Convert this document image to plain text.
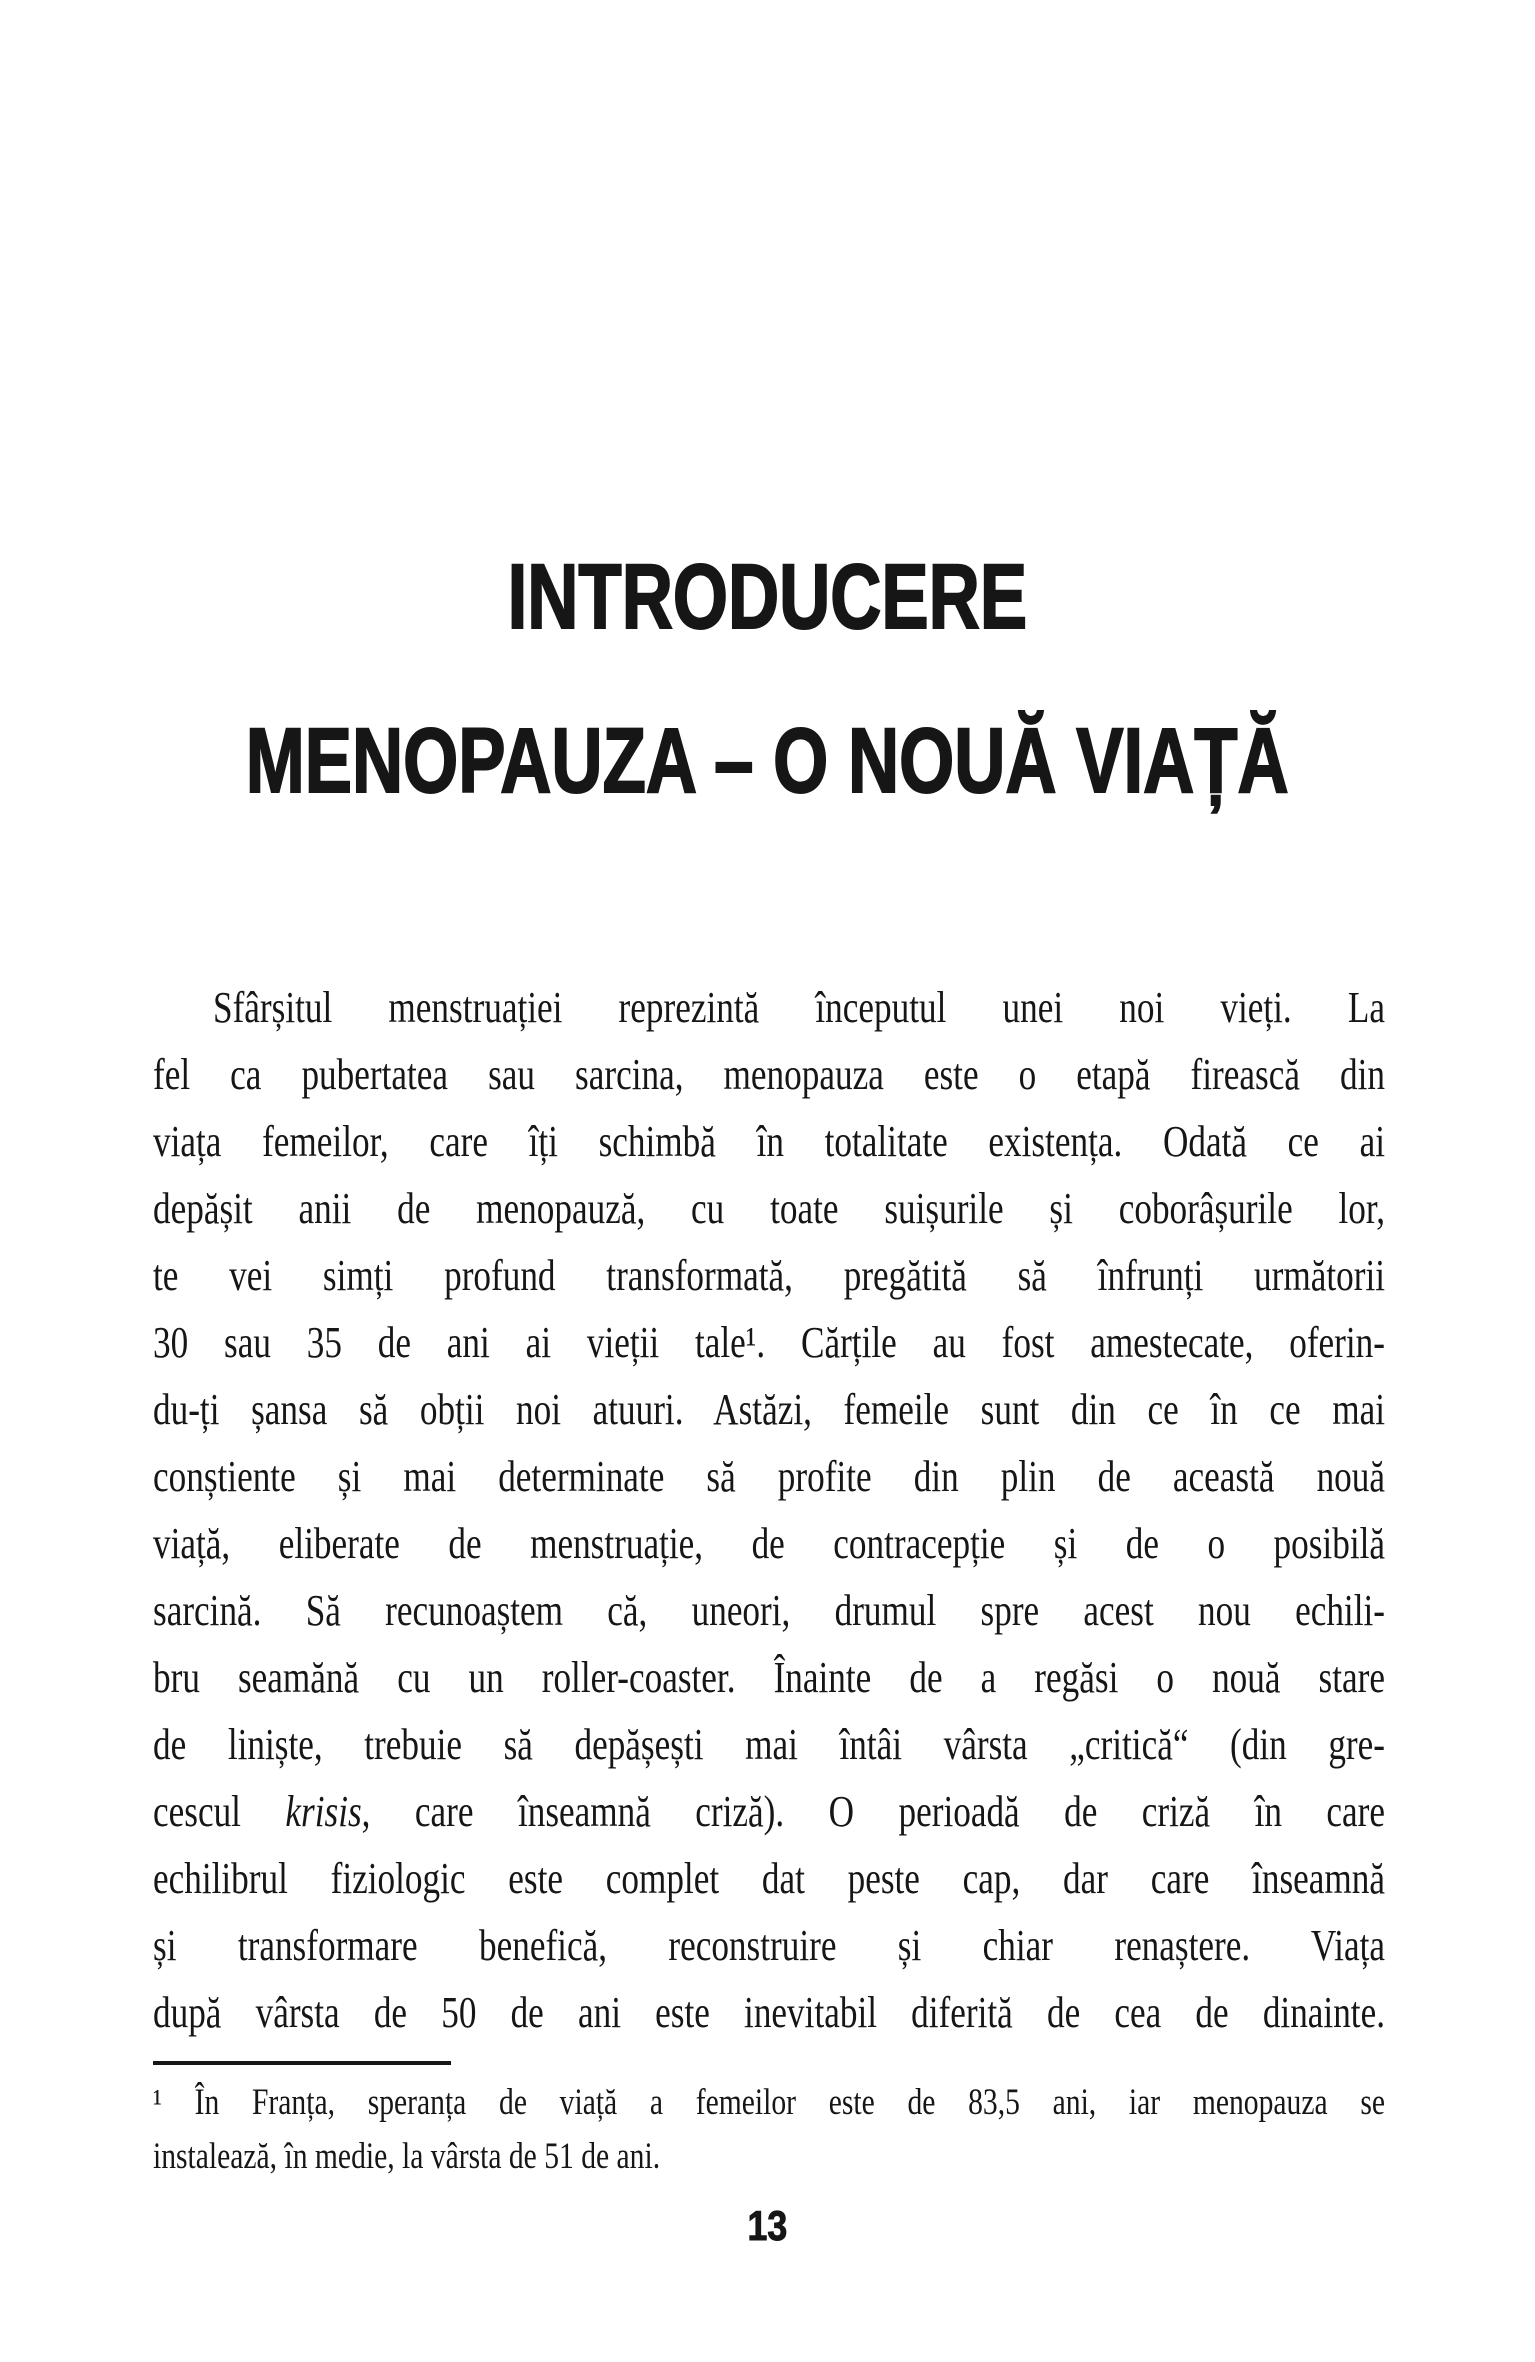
INTRODUCERE
MENOPAUZA – O NOUĂ VIAȚĂ
Sfârșitul menstruației reprezintă începutul unei noi vieți. La
fel ca pubertatea sau sarcina, menopauza este o etapă firească din
viața femeilor, care îți schimbă în totalitate existența. Odată ce ai
depășit anii de menopauză, cu toate suișurile și coborâșurile lor,
te vei simți profund transformată, pregătită să înfrunți următorii
30 sau 35 de ani ai vieții tale¹. Cărțile au fost amestecate, oferin-
du-ți șansa să obții noi atuuri. Astăzi, femeile sunt din ce în ce mai
conștiente și mai determinate să profite din plin de această nouă
viață, eliberate de menstruație, de contracepție și de o posibilă
sarcină. Să recunoaștem că, uneori, drumul spre acest nou echili-
bru seamănă cu un roller-coaster. Înainte de a regăsi o nouă stare
de liniște, trebuie să depășești mai întâi vârsta „critică“ (din gre-
cescul krisis, care înseamnă criză). O perioadă de criză în care
echilibrul fiziologic este complet dat peste cap, dar care înseamnă
și transformare benefică, reconstruire și chiar renaștere. Viața
după vârsta de 50 de ani este inevitabil diferită de cea de dinainte.
¹ În Franța, speranța de viață a femeilor este de 83,5 ani, iar menopauza se
instalează, în medie, la vârsta de 51 de ani.
13
